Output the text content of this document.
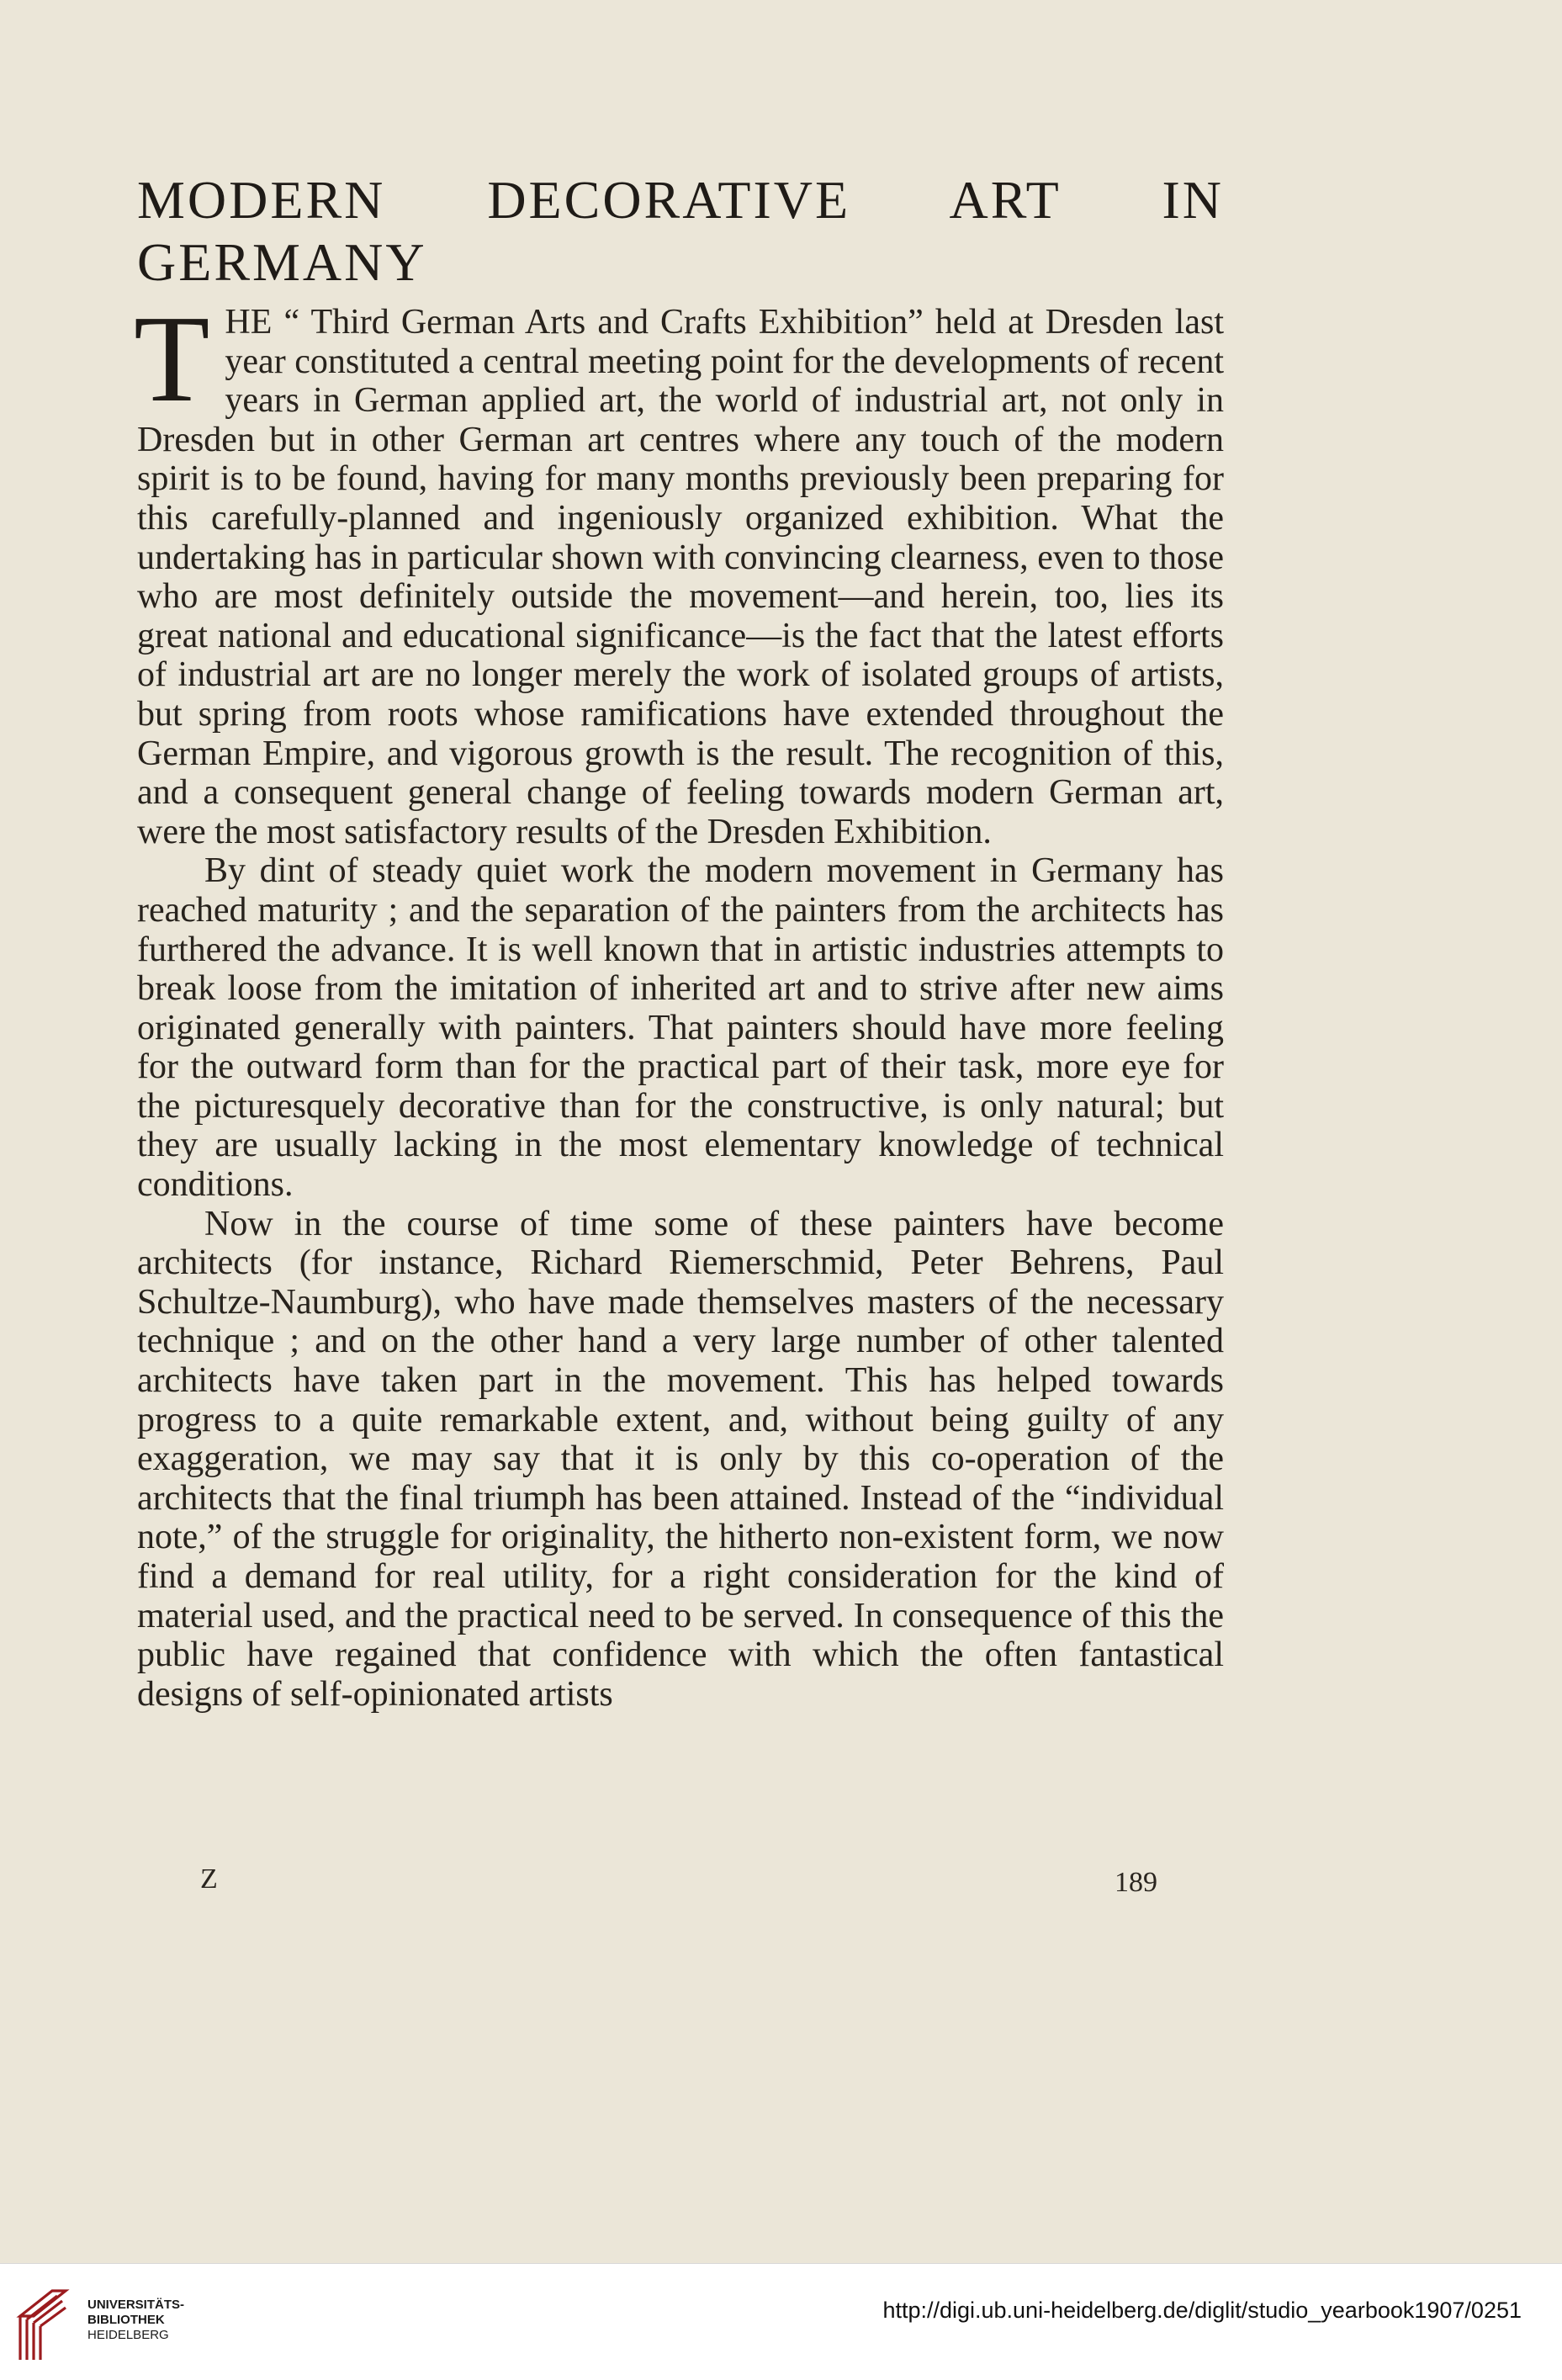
MODERN DECORATIVE ART IN
GERMANY

THE “ Third German Arts and Crafts Exhibition” held at Dresden last year constituted a central meeting point for the developments of recent years in German applied art, the world of industrial art, not only in Dresden but in other German art centres where any touch of the modern spirit is to be found, having for many months previously been preparing for this carefully-planned and ingeniously organized exhibition. What the undertaking has in particular shown with convincing clearness, even to those who are most definitely outside the movement—and herein, too, lies its great national and educational significance—is the fact that the latest efforts of industrial art are no longer merely the work of isolated groups of artists, but spring from roots whose ramifications have extended throughout the German Empire, and vigorous growth is the result. The recognition of this, and a consequent general change of feeling towards modern German art, were the most satisfactory results of the Dresden Exhibition.

By dint of steady quiet work the modern movement in Germany has reached maturity ; and the separation of the painters from the architects has furthered the advance. It is well known that in artistic industries attempts to break loose from the imitation of inherited art and to strive after new aims originated generally with painters. That painters should have more feeling for the outward form than for the practical part of their task, more eye for the picturesquely decorative than for the constructive, is only natural; but they are usually lacking in the most elementary knowledge of technical conditions.

Now in the course of time some of these painters have become architects (for instance, Richard Riemerschmid, Peter Behrens, Paul Schultze-Naumburg), who have made themselves masters of the necessary technique ; and on the other hand a very large number of other talented architects have taken part in the movement. This has helped towards progress to a quite remarkable extent, and, without being guilty of any exaggeration, we may say that it is only by this co-operation of the architects that the final triumph has been attained. Instead of the “individual note,” of the struggle for originality, the hitherto non-existent form, we now find a demand for real utility, for a right consideration for the kind of material used, and the practical need to be served. In consequence of this the public have regained that confidence with which the often fantastical designs of self-opinionated artists

Z	189
UNIVERSITÄTS-
BIBLIOTHEK
HEIDELBERG
http://digi.ub.uni-heidelberg.de/diglit/studio_yearbook1907/0251
